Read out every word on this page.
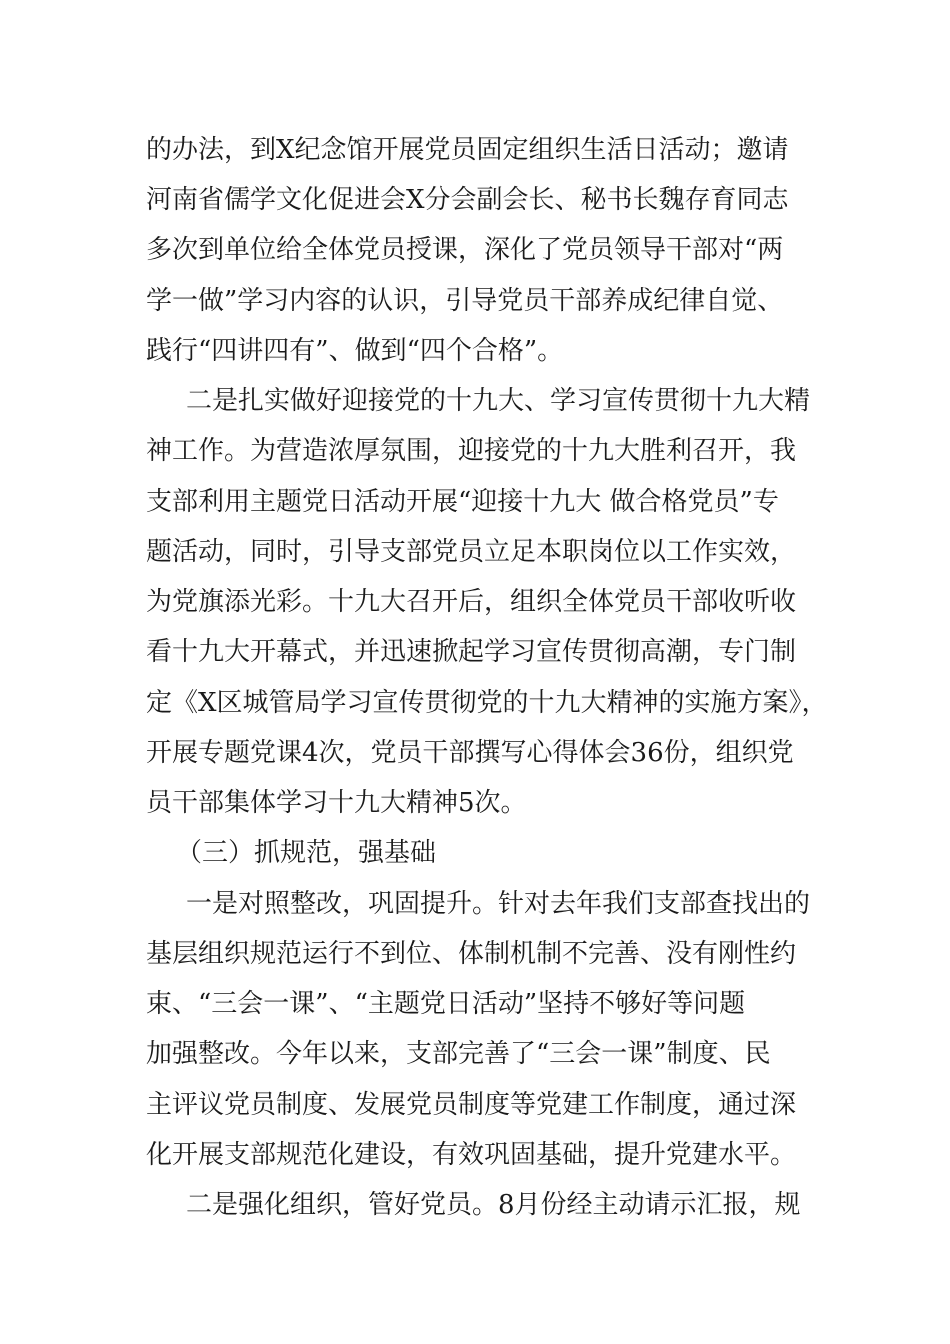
的办法，到X纪念馆开展党员固定组织生活日活动；邀请
河南省儒学文化促进会X分会副会长、秘书长魏存育同志
多次到单位给全体党员授课，深化了党员领导干部对“两
学一做”学习内容的认识，引导党员干部养成纪律自觉、
践行“四讲四有”、做到“四个合格”。
二是扎实做好迎接党的十九大、学习宣传贯彻十九大精
神工作。为营造浓厚氛围，迎接党的十九大胜利召开，我
支部利用主题党日活动开展“迎接十九大 做合格党员”专
题活动，同时，引导支部党员立足本职岗位以工作实效，
为党旗添光彩。十九大召开后，组织全体党员干部收听收
看十九大开幕式，并迅速掀起学习宣传贯彻高潮，专门制
定《X区城管局学习宣传贯彻党的十九大精神的实施方案》，
开展专题党课4次，党员干部撰写心得体会36份，组织党
员干部集体学习十九大精神5次。
（三）抓规范，强基础
一是对照整改，巩固提升。针对去年我们支部查找出的
基层组织规范运行不到位、体制机制不完善、没有刚性约
束、“三会一课”、“主题党日活动”坚持不够好等问题
加强整改。今年以来，支部完善了“三会一课”制度、民
主评议党员制度、发展党员制度等党建工作制度，通过深
化开展支部规范化建设，有效巩固基础，提升党建水平。
二是强化组织，管好党员。8月份经主动请示汇报，规
